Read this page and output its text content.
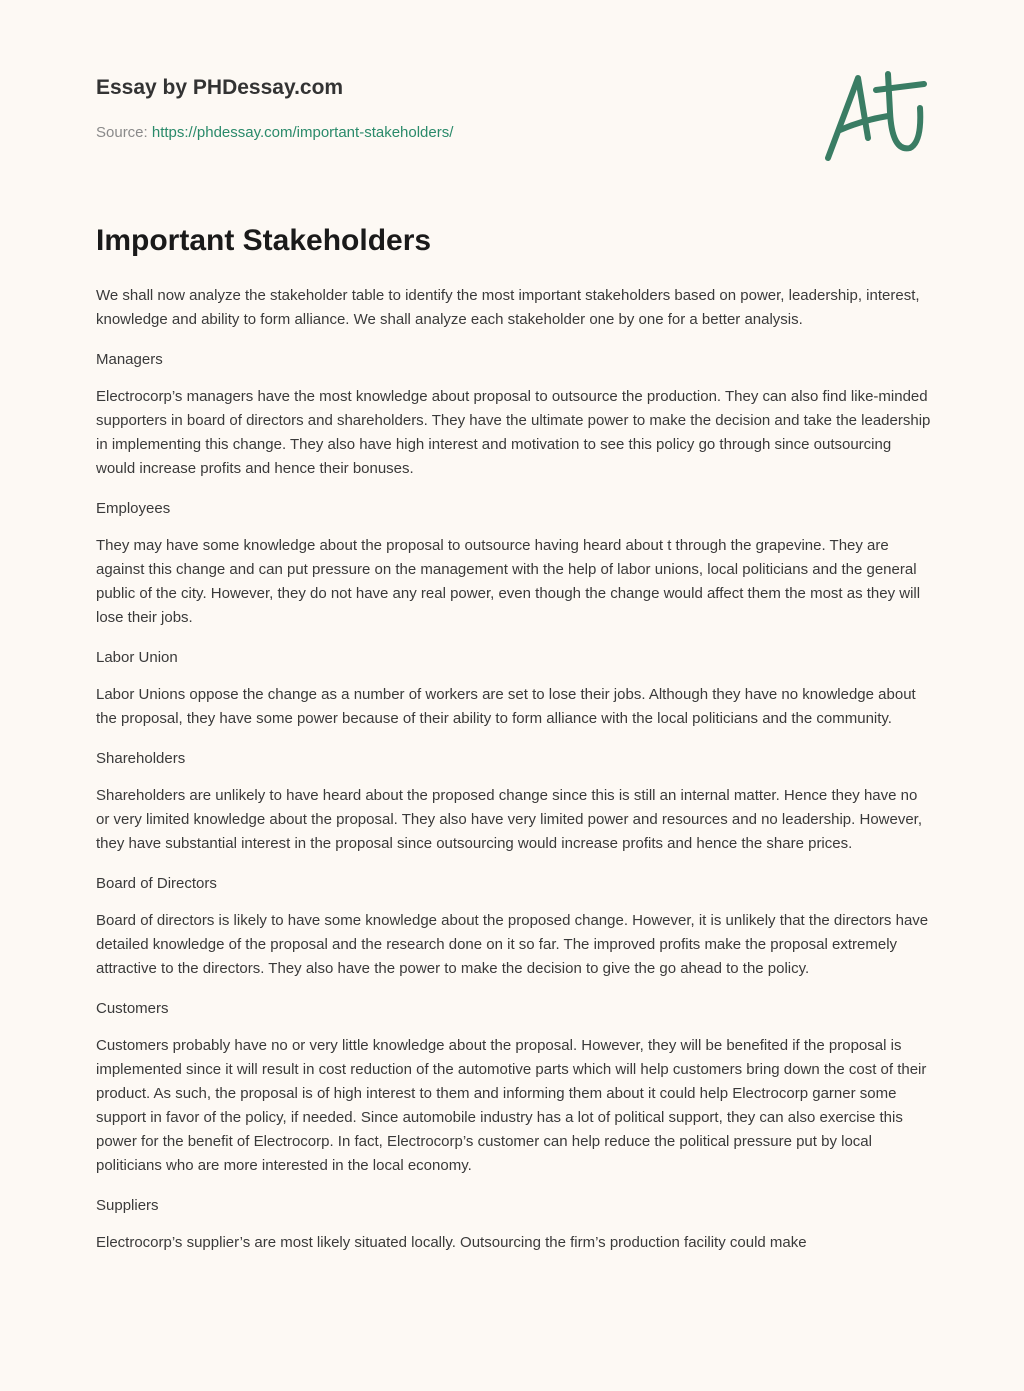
Essay by PHDessay.com
Source: https://phdessay.com/important-stakeholders/
Important Stakeholders

We shall now analyze the stakeholder table to identify the most important stakeholders based on power, leadership, interest, knowledge and ability to form alliance. We shall analyze each stakeholder one by one for a better analysis.

Managers

Electrocorp’s managers have the most knowledge about proposal to outsource the production. They can also find like-minded supporters in board of directors and shareholders. They have the ultimate power to make the decision and take the leadership in implementing this change. They also have high interest and motivation to see this policy go through since outsourcing would increase profits and hence their bonuses.

Employees

They may have some knowledge about the proposal to outsource having heard about t through the grapevine. They are against this change and can put pressure on the management with the help of labor unions, local politicians and the general public of the city. However, they do not have any real power, even though the change would affect them the most as they will lose their jobs.

Labor Union

Labor Unions oppose the change as a number of workers are set to lose their jobs. Although they have no knowledge about the proposal, they have some power because of their ability to form alliance with the local politicians and the community.

Shareholders

Shareholders are unlikely to have heard about the proposed change since this is still an internal matter. Hence they have no or very limited knowledge about the proposal. They also have very limited power and resources and no leadership. However, they have substantial interest in the proposal since outsourcing would increase profits and hence the share prices.

Board of Directors

Board of directors is likely to have some knowledge about the proposed change. However, it is unlikely that the directors have detailed knowledge of the proposal and the research done on it so far. The improved profits make the proposal extremely attractive to the directors. They also have the power to make the decision to give the go ahead to the policy.

Customers

Customers probably have no or very little knowledge about the proposal. However, they will be benefited if the proposal is implemented since it will result in cost reduction of the automotive parts which will help customers bring down the cost of their product. As such, the proposal is of high interest to them and informing them about it could help Electrocorp garner some support in favor of the policy, if needed. Since automobile industry has a lot of political support, they can also exercise this power for the benefit of Electrocorp. In fact, Electrocorp’s customer can help reduce the political pressure put by local politicians who are more interested in the local economy.

Suppliers

Electrocorp’s supplier’s are most likely situated locally. Outsourcing the firm’s production facility could make
